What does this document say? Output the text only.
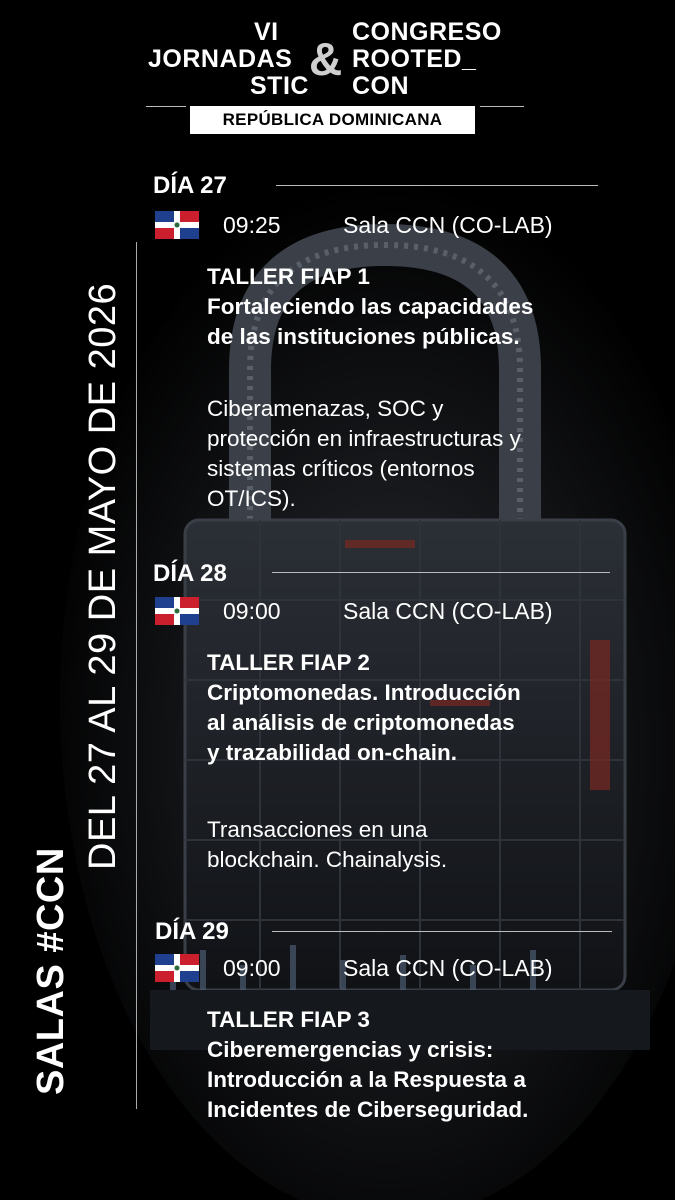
VI
JORNADAS
STIC
&
CONGRESO
ROOTED_
CON
REPÚBLICA DOMINICANA
DEL 27 AL 29 DE MAYO DE 2026
SALAS #CCN
DÍA 27
09:25	Sala CCN (CO-LAB)
TALLER FIAP 1
Fortaleciendo las capacidades
de las instituciones públicas.
Ciberamenazas, SOC y
protección en infraestructuras y
sistemas críticos (entornos
OT/ICS).
DÍA 28
09:00	Sala CCN (CO-LAB)
TALLER FIAP 2
Criptomonedas. Introducción
al análisis de criptomonedas
y trazabilidad on-chain.
Transacciones en una
blockchain. Chainalysis.
DÍA 29
09:00	Sala CCN (CO-LAB)
TALLER FIAP 3
Ciberemergencias y crisis:
Introducción a la Respuesta a
Incidentes de Ciberseguridad.
